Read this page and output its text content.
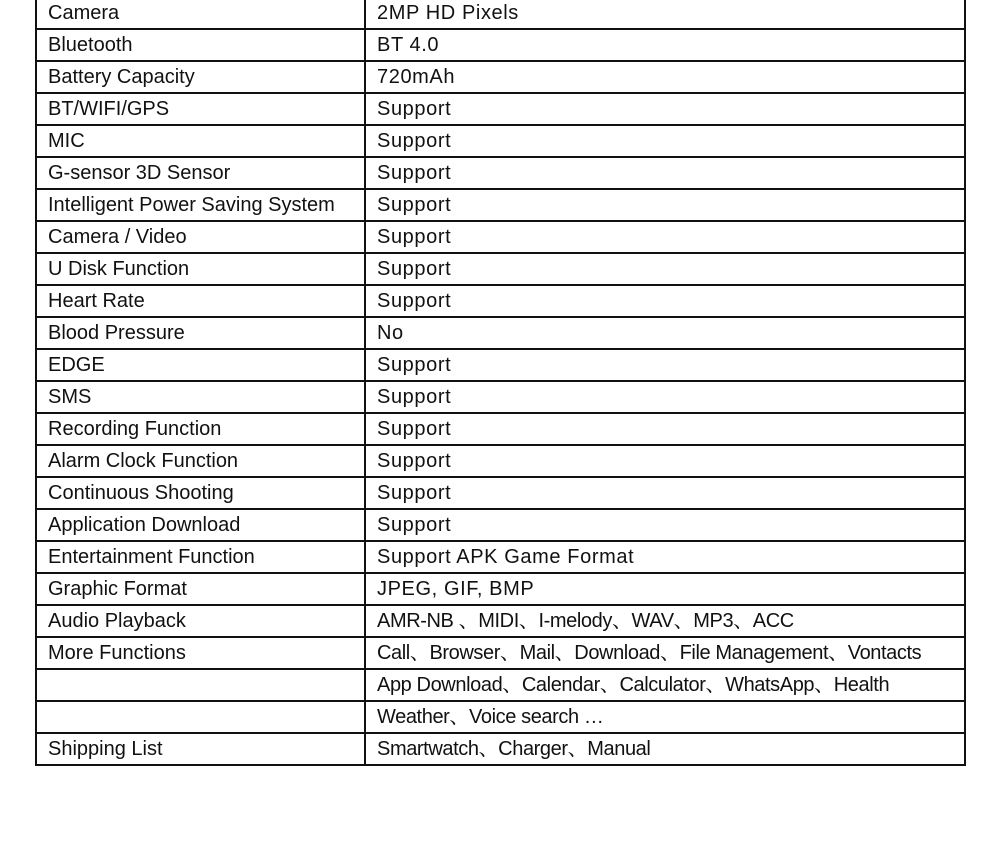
Camera	2MP HD Pixels
Bluetooth	BT 4.0
Battery Capacity	720mAh
BT/WIFI/GPS	Support
MIC	Support
G-sensor 3D Sensor	Support
Intelligent Power Saving System	Support
Camera / Video	Support
U Disk Function	Support
Heart Rate	Support
Blood Pressure	No
EDGE	Support
SMS	Support
Recording Function	Support
Alarm Clock Function	Support
Continuous Shooting	Support
Application Download	Support
Entertainment Function	Support APK Game Format
Graphic Format	JPEG, GIF, BMP
Audio Playback	AMR-NB 、MIDI、I-melody、WAV、MP3、ACC
More Functions	Call、Browser、Mail、Download、File Management、Vontacts
	App Download、Calendar、Calculator、WhatsApp、Health
	Weather、Voice search …
Shipping List	Smartwatch、Charger、Manual
